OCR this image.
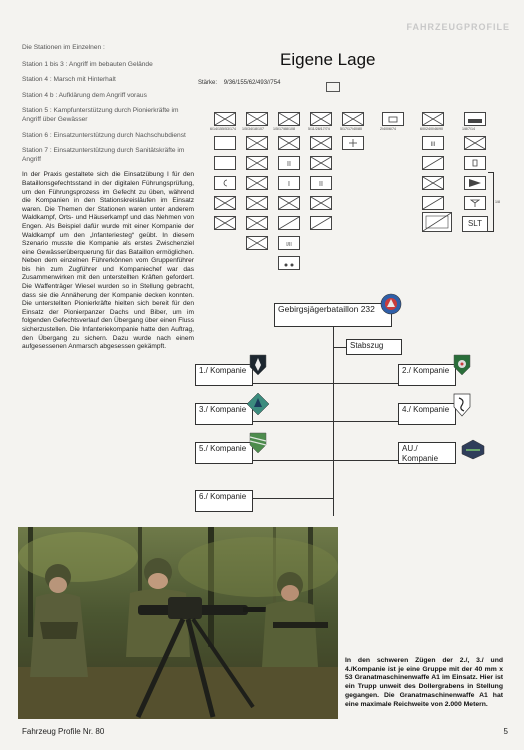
FAHRZEUGPROFILE
Die Stationen im Einzelnen :
Station 1 bis 3 : Angriff im bebauten Gelände
Station 4 : Marsch mit Hinterhalt
Station 4 b : Aufklärung dem Angriff voraus
Station 5 : Kampfunterstützung durch Pionierkräfte im Angriff über Gewässer
Station 6 : Einsatzunterstützung durch Nachschubdienst
Station 7 : Einsatzunterstützung durch Sanitätskräfte im Angriff
In der Praxis gestaltete sich die Einsatzübung I für den Bataillonsgefechtsstand in der digitalen Führungsprüfung, um den Führungsprozess im Gefecht zu üben, während die Kompanien in den Stationskreisläufen im Einsatz waren. Die Themen der Stationen waren unter anderem Waldkampf, Orts- und Häuserkampf und das Nehmen von Engen. Als Beispiel dafür wurde mit einer Kompanie der Waldkampf um den „Infanteriesteg“ geübt. In diesem Szenario musste die Kompanie als erstes Zwischenziel eine Gewässerüberquerung für das Bataillon ermöglichen. Neben dem einzelnen Führerkönnen vom Gruppenführer bis hin zum Zugführer und Kompaniechef war das Zusammenwirken mit den unterstellten Kräften gefordert. Die Waffenträger Wiesel wurden so in Stellung gebracht, dass sie die Annäherung der Kompanie decken konnten. Die unterstellten Pionierkräfte hielten sich bereit für den Einsatz der Pionierpanzer Dachs und Biber, um im folgenden Gefechtsverlauf den Übergang über einen Fluss sicherzustellen. Die Infanteriekompanie hatte den Auftrag, den Übergang zu sichern. Dazu wurde nach einem aufgesessenen Anmarsch abgesessen gekämpft.
Eigene Lage
Stärke: 9/36/155/62/493//754
6/14/155/53/174 1/5/34/18/107	1/5/17/88/108	5/11/28/17/74	5/17/17/40/80	2/4/0/6/74	6/0/24/0/46/90	1/8/7/14
II
I
I/II
II
III
SLT
1/8
Gebirgsjägerbataillon 232
Stabszug
1./ Kompanie	2./ Kompanie
3./ Kompanie	4./ Kompanie
5./ Kompanie	AU./ Kompanie
6./ Kompanie
In den schweren Zügen der 2./, 3./ und 4./Kompanie ist je eine Gruppe mit der 40 mm x 53 Granatmaschinenwaffe A1 im Einsatz. Hier ist ein Trupp unweit des Dollergrabens in Stellung gegangen. Die Granatmaschinenwaffe A1 hat eine maximale Reichweite von 2.000 Metern.
Fahrzeug Profile Nr. 80	5
